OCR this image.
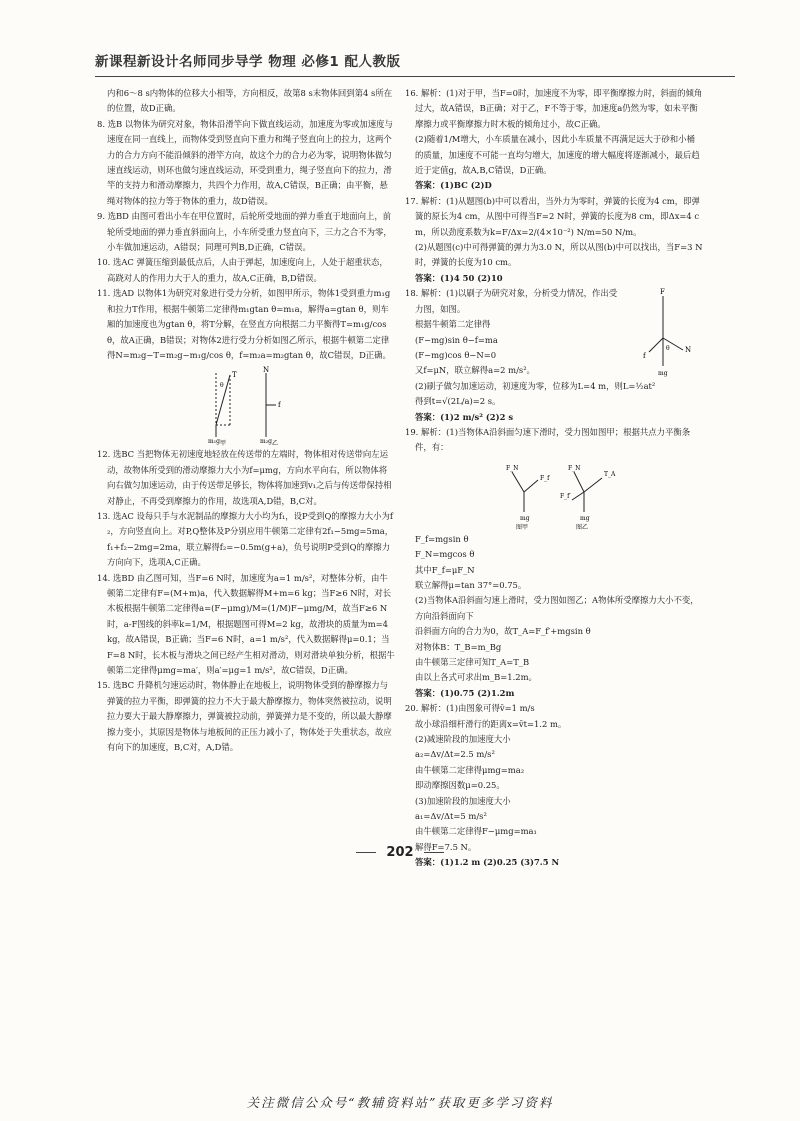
新课程新设计名师同步导学 物理 必修1 配人教版

内和6～8 s内物体的位移大小相等，方向相反，故第8 s末物体回到第4 s所在的位置，故D正确。

8. 选B 以物体为研究对象，物体沿滑竿向下做直线运动，加速度为零或加速度与速度在同一直线上，而物体受到竖直向下重力和绳子竖直向上的拉力，这两个力的合力方向不能沿倾斜的滑竿方向，故这个力的合力必为零，说明物体做匀速直线运动，则环也做匀速直线运动，环受到重力，绳子竖直向下的拉力，滑竿的支持力和滑动摩擦力，共四个力作用，故A,C错误，B正确；由平衡，悬绳对物体的拉力等于物体的重力，故D错误。

9. 选BD 由图可看出小车在甲位置时，后轮所受地面的弹力垂直于地面向上，前轮所受地面的弹力垂直斜面向上，小车所受重力竖直向下，三力之合不为零，小车做加速运动，A错误；同理可判B,D正确，C错误。

10. 选AC 弹簧压缩到最低点后，人由于弹起，加速度向上，人处于超重状态，高跷对人的作用力大于人的重力，故A,C正确，B,D错误。

11. 选AD 以物体1为研究对象进行受力分析，如图甲所示，物体1受到重力m₁g和拉力T作用，根据牛顿第二定律得m₁gtan θ=m₁a，解得a=gtan θ，则车厢的加速度也为gtan θ，将T分解，在竖直方向根据二力平衡得T=m₁g/cos θ，故A正确，B错误；对物体2进行受力分析如图乙所示，根据牛顿第二定律得N=m₂g−T=m₂g−m₁g/cos θ，f=m₂a=m₂gtan θ，故C错误，D正确。

T
θ
m₁g 甲
N
f
m₂g 乙

12. 选BC 当把物体无初速度地轻放在传送带的左端时，物体相对传送带向左运动，故物体所受到的滑动摩擦力大小为f=μmg，方向水平向右，所以物体将向右做匀加速运动，由于传送带足够长，物体将加速到v₁之后与传送带保持相对静止，不再受到摩擦力的作用，故选项A,D错，B,C对。

13. 选AC 设每只手与水泥制品的摩擦力大小均为f₁，设P受到Q的摩擦力大小为f₂，方向竖直向上。对P,Q整体及P分别应用牛顿第二定律有2f₁−5mg=5ma，f₁+f₂−2mg=2ma，联立解得f₂=−0.5m(g+a)，负号说明P受到Q的摩擦力方向向下，选项A,C正确。

14. 选BD 由乙图可知，当F=6 N时，加速度为a=1 m/s²，对整体分析，由牛顿第二定律有F=(M+m)a，代入数据解得M+m=6 kg；当F≥6 N时，对长木板根据牛顿第二定律得a=(F−μmg)/M=(1/M)F−μmg/M，故当F≥6 N时，a-F图线的斜率k=1/M，根据题图可得M=2 kg，故滑块的质量为m=4 kg，故A错误，B正确；当F=6 N时，a=1 m/s²，代入数据解得μ=0.1；当F=8 N时，长木板与滑块之间已经产生相对滑动，则对滑块单独分析，根据牛顿第二定律得μmg=ma′，则a′=μg=1 m/s²，故C错误，D正确。

15. 选BC 升降机匀速运动时，物体静止在地板上，说明物体受到的静摩擦力与弹簧的拉力平衡，即弹簧的拉力不大于最大静摩擦力，物体突然被拉动，说明拉力要大于最大静摩擦力，弹簧被拉动前，弹簧弹力是不变的，所以最大静摩擦力变小，其原因是物体与地板间的正压力减小了，物体处于失重状态，故应有向下的加速度，B,C对，A,D错。

16. 解析：(1)对于甲，当F=0时，加速度不为零，即平衡摩擦力时，斜面的倾角过大，故A错误，B正确；对于乙，F不等于零，加速度a仍然为零，如未平衡摩擦力或平衡摩擦力时木板的倾角过小，故C正确。

(2)随着1/M增大，小车质量在减小，因此小车质量不再满足远大于砂和小桶的质量，加速度不可能一直均匀增大，加速度的增大幅度将逐渐减小，最后趋近于定值g，故A,B,C错误，D正确。

答案：(1)BC (2)D

17. 解析：(1)从题图(b)中可以看出，当外力为零时，弹簧的长度为4 cm，即弹簧的原长为4 cm，从图中可得当F=2 N时，弹簧的长度为8 cm，即Δx=4 cm，所以劲度系数为k=F/Δx=2/(4×10⁻²) N/m=50 N/m。

(2)从题图(c)中可得弹簧的弹力为3.0 N，所以从图(b)中可以找出，当F=3 N时，弹簧的长度为10 cm。

答案：(1)4 50 (2)10

F
f
θ N
mg

18. 解析：(1)以刷子为研究对象，分析受力情况，作出受力图，如图。

根据牛顿第二定律得

(F−mg)sin θ−f=ma

(F−mg)cos θ−N=0

又f=μN，联立解得a=2 m/s²。

(2)刷子做匀加速运动，初速度为零，位移为L=4 m，则L=½at²

得到t=√(2L/a)=2 s。

答案：(1)2 m/s² (2)2 s

19. 解析：(1)当物体A沿斜面匀速下滑时，受力图如图甲；根据共点力平衡条件，有：

F_N
F_f
mg
图甲
F_N
T_A
F_f′
mg
图乙

F_f=mgsin θ

F_N=mgcos θ

其中F_f=μF_N

联立解得μ=tan 37°=0.75。

(2)当物体A沿斜面匀速上滑时，受力图如图乙；A物体所受摩擦力大小不变，方向沿斜面向下

沿斜面方向的合力为0，故T_A=F_f′+mgsin θ

对物体B：T_B=m_Bg

由牛顿第三定律可知T_A=T_B

由以上各式可求出m_B=1.2m。

答案：(1)0.75 (2)1.2m

20. 解析：(1)由图象可得v̄=1 m/s

故小球沿细杆滑行的距离x=v̄t=1.2 m。

(2)减速阶段的加速度大小

a₂=Δv/Δt=2.5 m/s²

由牛顿第二定律得μmg=ma₂

即动摩擦因数μ=0.25。

(3)加速阶段的加速度大小

a₁=Δv/Δt=5 m/s²

由牛顿第二定律得F−μmg=ma₁

解得F=7.5 N。

答案：(1)1.2 m (2)0.25 (3)7.5 N

202
关注微信公众号“教辅资料站”获取更多学习资料
